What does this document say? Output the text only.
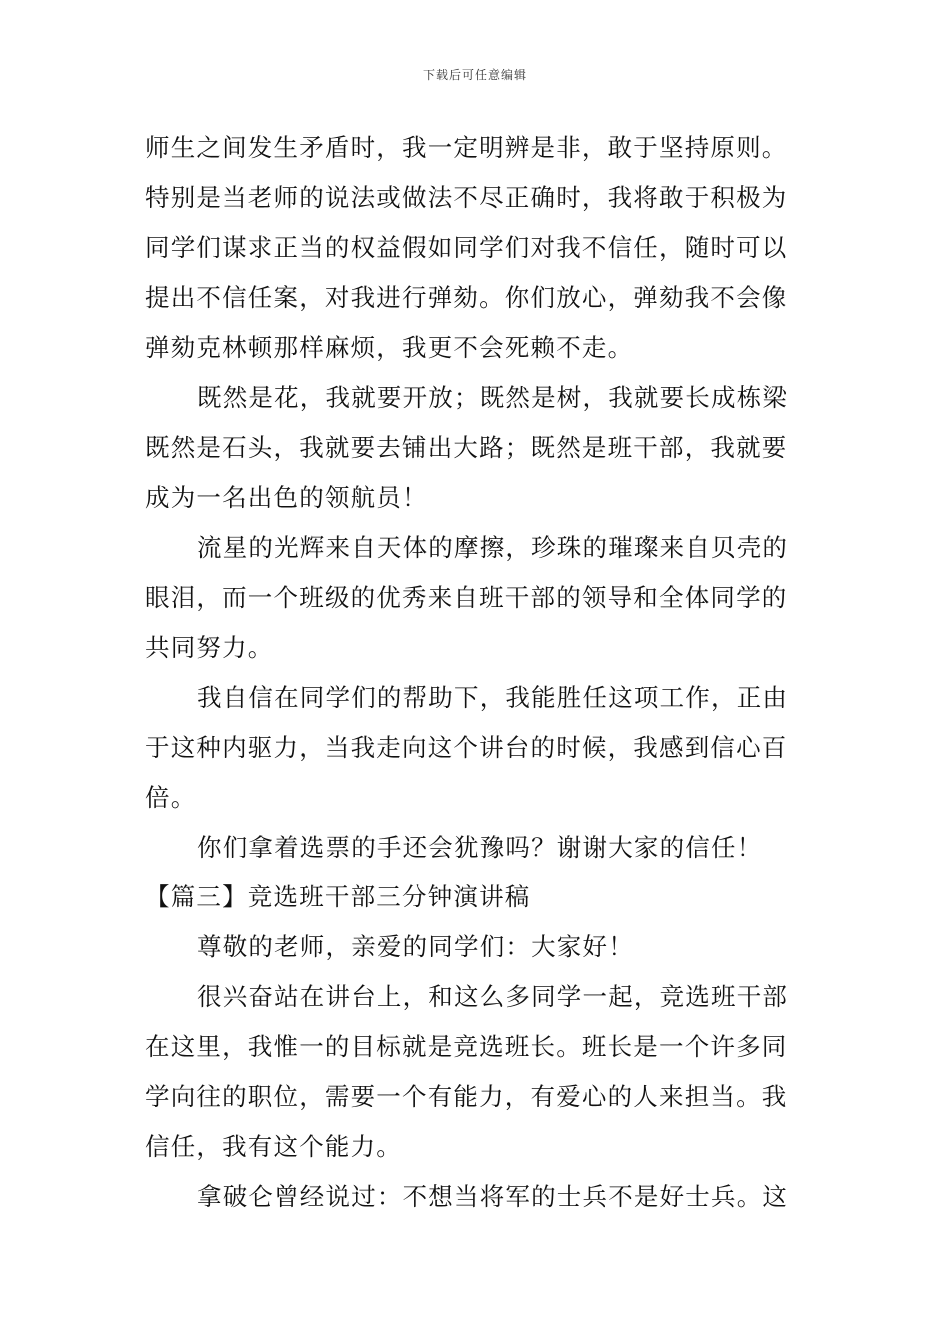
下载后可任意编辑
师生之间发生矛盾时，我一定明辨是非，敢于坚持原则。
特别是当老师的说法或做法不尽正确时，我将敢于积极为
同学们谋求正当的权益假如同学们对我不信任，随时可以
提出不信任案，对我进行弹劾。你们放心，弹劾我不会像
弹劾克林顿那样麻烦，我更不会死赖不走。
既然是花，我就要开放；既然是树，我就要长成栋梁
既然是石头，我就要去铺出大路；既然是班干部，我就要
成为一名出色的领航员！
流星的光辉来自天体的摩擦，珍珠的璀璨来自贝壳的
眼泪，而一个班级的优秀来自班干部的领导和全体同学的
共同努力。
我自信在同学们的帮助下，我能胜任这项工作，正由
于这种内驱力，当我走向这个讲台的时候，我感到信心百
倍。
你们拿着选票的手还会犹豫吗？谢谢大家的信任！
【篇三】竞选班干部三分钟演讲稿
尊敬的老师，亲爱的同学们：大家好！
很兴奋站在讲台上，和这么多同学一起，竞选班干部
在这里，我惟一的目标就是竞选班长。班长是一个许多同
学向往的职位，需要一个有能力，有爱心的人来担当。我
信任，我有这个能力。
拿破仑曾经说过：不想当将军的士兵不是好士兵。这
